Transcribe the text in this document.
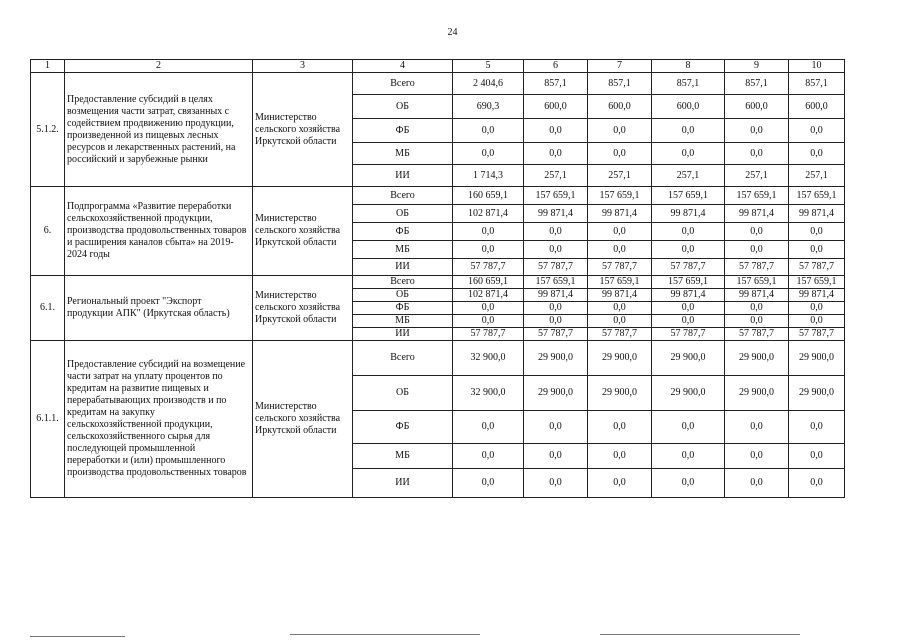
24
1	2	3	4	5	6	7	8	9	10
5.1.2.	Предоставление субсидий в целях возмещения части затрат, связанных с содействием продвижению продукции, произведенной из пищевых лесных ресурсов и лекарственных растений, на российский и зарубежные рынки	Министерство сельского хозяйства Иркутской области	Всего	2 404,6	857,1	857,1	857,1	857,1	857,1
			ОБ	690,3	600,0	600,0	600,0	600,0	600,0
			ФБ	0,0	0,0	0,0	0,0	0,0	0,0
			МБ	0,0	0,0	0,0	0,0	0,0	0,0
			ИИ	1 714,3	257,1	257,1	257,1	257,1	257,1
6.	Подпрограмма «Развитие переработки сельскохозяйственной продукции, производства продовольственных товаров и расширения каналов сбыта» на 2019-2024 годы	Министерство сельского хозяйства Иркутской области	Всего	160 659,1	157 659,1	157 659,1	157 659,1	157 659,1	157 659,1
			ОБ	102 871,4	99 871,4	99 871,4	99 871,4	99 871,4	99 871,4
			ФБ	0,0	0,0	0,0	0,0	0,0	0,0
			МБ	0,0	0,0	0,0	0,0	0,0	0,0
			ИИ	57 787,7	57 787,7	57 787,7	57 787,7	57 787,7	57 787,7
6.1.	Региональный проект "Экспорт продукции АПК" (Иркутская область)	Министерство сельского хозяйства Иркутской области	Всего	160 659,1	157 659,1	157 659,1	157 659,1	157 659,1	157 659,1
			ОБ	102 871,4	99 871,4	99 871,4	99 871,4	99 871,4	99 871,4
			ФБ	0,0	0,0	0,0	0,0	0,0	0,0
			МБ	0,0	0,0	0,0	0,0	0,0	0,0
			ИИ	57 787,7	57 787,7	57 787,7	57 787,7	57 787,7	57 787,7
6.1.1.	Предоставление субсидий на возмещение части затрат на уплату процентов по кредитам на развитие пищевых и перерабатывающих производств и по кредитам на закупку сельскохозяйственной продукции, сельскохозяйственного сырья для последующей промышленной переработки и (или) промышленного производства продовольственных товаров	Министерство сельского хозяйства Иркутской области	Всего	32 900,0	29 900,0	29 900,0	29 900,0	29 900,0	29 900,0
			ОБ	32 900,0	29 900,0	29 900,0	29 900,0	29 900,0	29 900,0
			ФБ	0,0	0,0	0,0	0,0	0,0	0,0
			МБ	0,0	0,0	0,0	0,0	0,0	0,0
			ИИ	0,0	0,0	0,0	0,0	0,0	0,0
